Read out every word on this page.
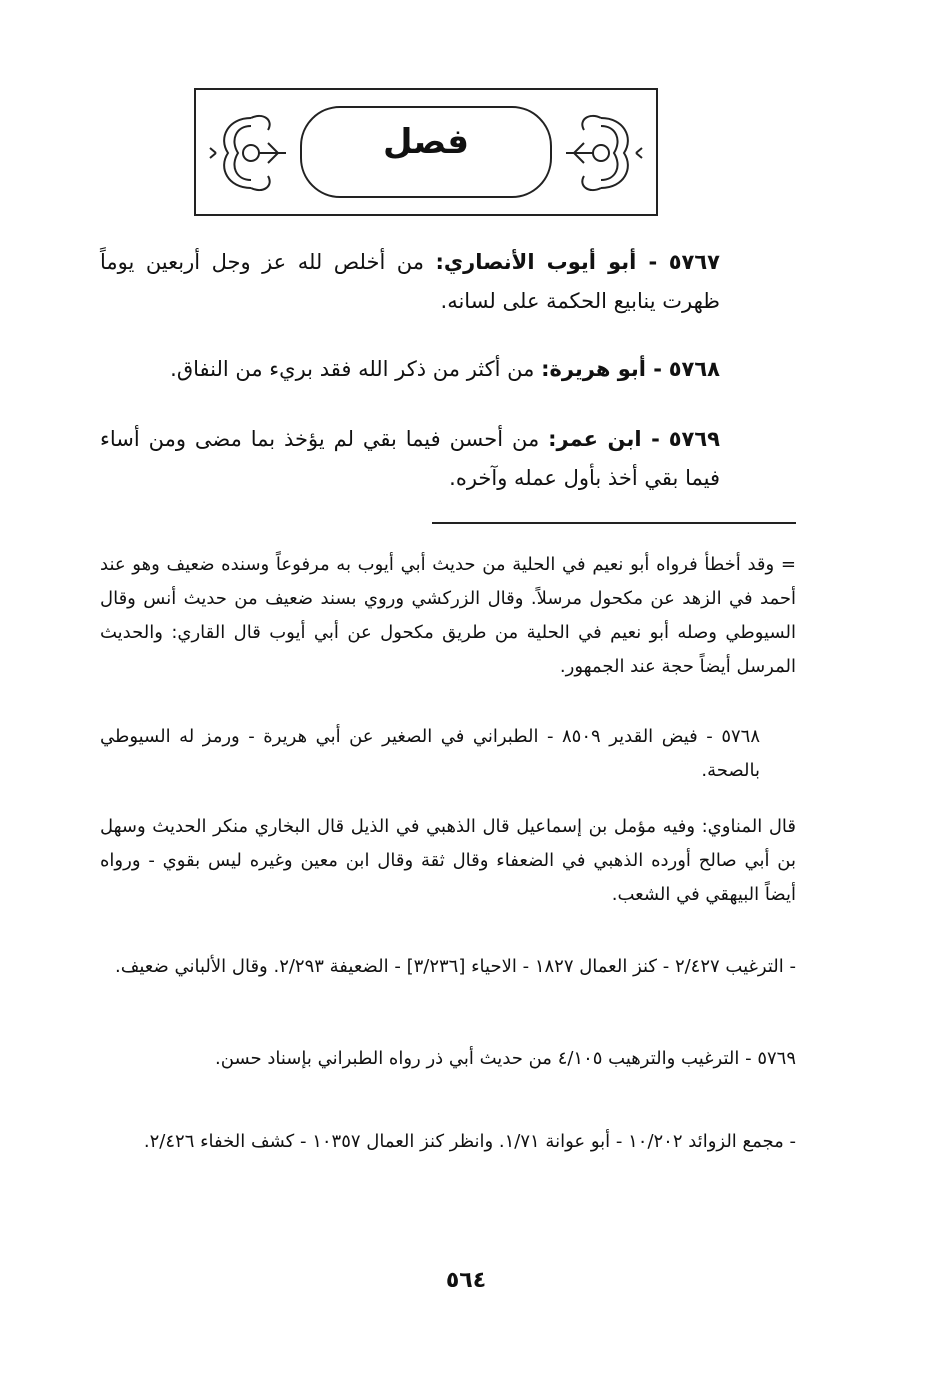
فصل
٥٧٦٧ - أبو أيوب الأنصاري: من أخلص لله عز وجل أربعين يوماً ظهرت ينابيع الحكمة على لسانه.
٥٧٦٨ - أبو هريرة: من أكثر من ذكر الله فقد بريء من النفاق.
٥٧٦٩ - ابن عمر: من أحسن فيما بقي لم يؤخذ بما مضى ومن أساء فيما بقي أخذ بأول عمله وآخره.
= وقد أخطأ فرواه أبو نعيم في الحلية من حديث أبي أيوب به مرفوعاً وسنده ضعيف وهو عند أحمد في الزهد عن مكحول مرسلاً. وقال الزركشي وروي بسند ضعيف من حديث أنس وقال السيوطي وصله أبو نعيم في الحلية من طريق مكحول عن أبي أيوب قال القاري: والحديث المرسل أيضاً حجة عند الجمهور.
٥٧٦٨ - فيض القدير ٨٥٠٩ - الطبراني في الصغير عن أبي هريرة - ورمز له السيوطي بالصحة.
قال المناوي: وفيه مؤمل بن إسماعيل قال الذهبي في الذيل قال البخاري منكر الحديث وسهل بن أبي صالح أورده الذهبي في الضعفاء وقال ثقة وقال ابن معين وغيره ليس بقوي - ورواه أيضاً البيهقي في الشعب.
- الترغيب ٢/٤٢٧ - كنز العمال ١٨٢٧ - الاحياء [٣/٢٣٦] - الضعيفة ٢/٢٩٣. وقال الألباني ضعيف.
٥٧٦٩ - الترغيب والترهيب ٤/١٠٥ من حديث أبي ذر رواه الطبراني بإسناد حسن.
- مجمع الزوائد ١٠/٢٠٢ - أبو عوانة ١/٧١. وانظر كنز العمال ١٠٣٥٧ - كشف الخفاء ٢/٤٢٦.
٥٦٤
